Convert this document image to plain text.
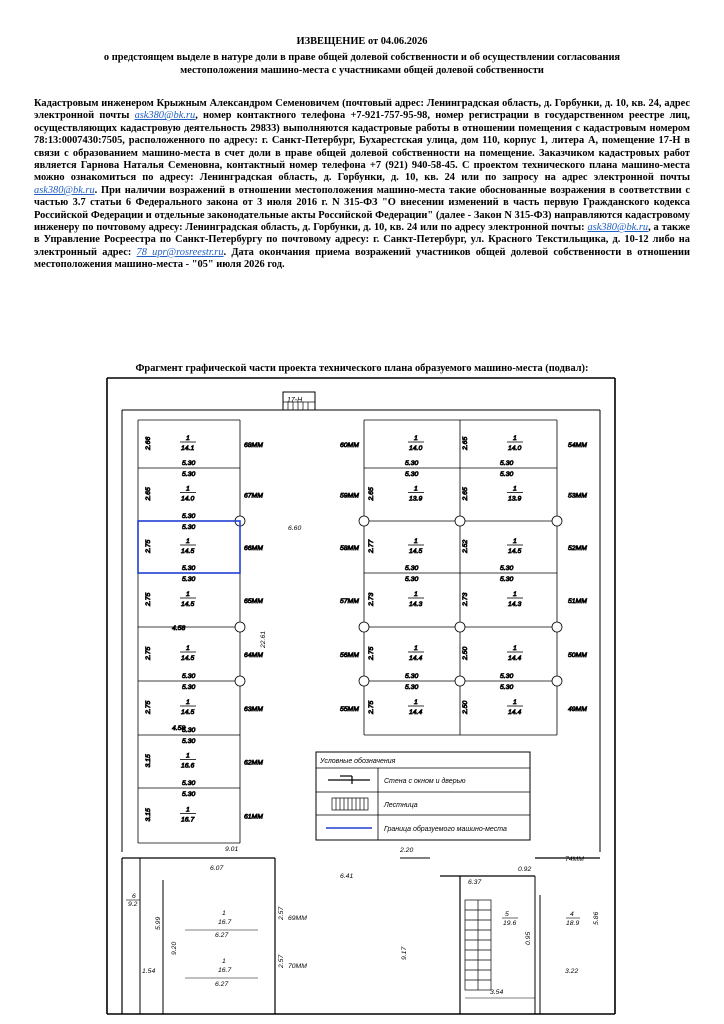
ИЗВЕЩЕНИЕ от 04.06.2026
о предстоящем выделе в натуре доли в праве общей долевой собственности и об осуществлении согласования
местоположения машино-места с участниками общей долевой собственности
Кадастровым инженером Крыжным Александром Семеновичем (почтовый адрес: Ленинградская область, д. Горбунки, д. 10, кв. 24, адрес электронной почты ask380@bk.ru, номер контактного телефона +7-921-757-95-98, номер регистрации в государственном реестре лиц, осуществляющих кадастровую деятельность 29833) выполняются кадастровые работы в отношении помещения с кадастровым номером 78:13:0007430:7505, расположенного по адресу: г. Санкт-Петербург, Бухарестская улица, дом 110, корпус 1, литера А, помещение 17-Н в связи с образованием машино-места в счет доли в праве общей долевой собственности на помещение. Заказчиком кадастровых работ является Гарнова Наталья Семеновна, контактный номер телефона +7 (921) 940-58-45. С проектом технического плана машино-места можно ознакомиться по адресу: Ленинградская область, д. Горбунки, д. 10, кв. 24 или по запросу на адрес электронной почты ask380@bk.ru. При наличии возражений в отношении местоположения машино-места такие обоснованные возражения в соответствии с частью 3.7 статьи 6 Федерального закона от 3 июля 2016 г. N 315-ФЗ "О внесении изменений в часть первую Гражданского кодекса Российской Федерации и отдельные законодательные акты Российской Федерации" (далее - Закон N 315-ФЗ) направляются кадастровому инженеру по почтовому адресу: Ленинградская область, д. Горбунки, д. 10, кв. 24 или по адресу электронной почты: ask380@bk.ru, а также в Управление Росреестра по Санкт-Петербургу по почтовому адресу: г. Санкт-Петербург, ул. Красного Текстильщика, д. 10-12 либо на электронный адрес: 78_upr@rosreestr.ru. Дата окончания приема возражений участников общей долевой собственности в отношении местоположения машино-места - "05" июля 2026 год.
Фрагмент графической части проекта технического плана образуемого машино-места (подвал):
17-Н
5.30
5.30
5.30
5.30
5.30
5.30
5.30
5.30
5.30
5.30
5.30
5.30
4.58
4.58
2.66	1
14.1	68ММ
2.65	1
14.0	67ММ
2.75	1
14.5	66ММ
2.75	1
14.5	65ММ
2.75	1
14.5	64ММ
2.75	1
14.5	63ММ
3.15	1
16.6	62ММ
3.15	1
16.7	61ММ
5.30
5.30
5.30
5.30
5.30
5.30
5.30
5.30
5.30
5.30
5.30
5.30
60ММ
1
14.0
59ММ 2.65	1
13.9
58ММ 2.77	1
14.5
57ММ 2.73	1
14.3
56ММ 2.75	1
14.4
55ММ 2.75	1
14.4
54ММ
2.65	1
14.0
53ММ
2.65	1
13.9
52ММ
2.52	1
14.5
51ММ
2.73	1
14.3
50ММ
2.50	1
14.4
49ММ
2.50	1
14.4
6.60
22.61
9.01	2.20
6.41
6.37
0.92
74ММ
6.07
6.27
6.27
69ММ
70ММ
2.57
2.57
1
16.7
1
16.7
6
9.2
5.99
9.20	9.17
1.54
3.54
3.22
5.86
5
19.6
0.95
4
18.9
Условные обозначения
Стена с окном и дверью
Лестница
Граница образуемого машино-места
